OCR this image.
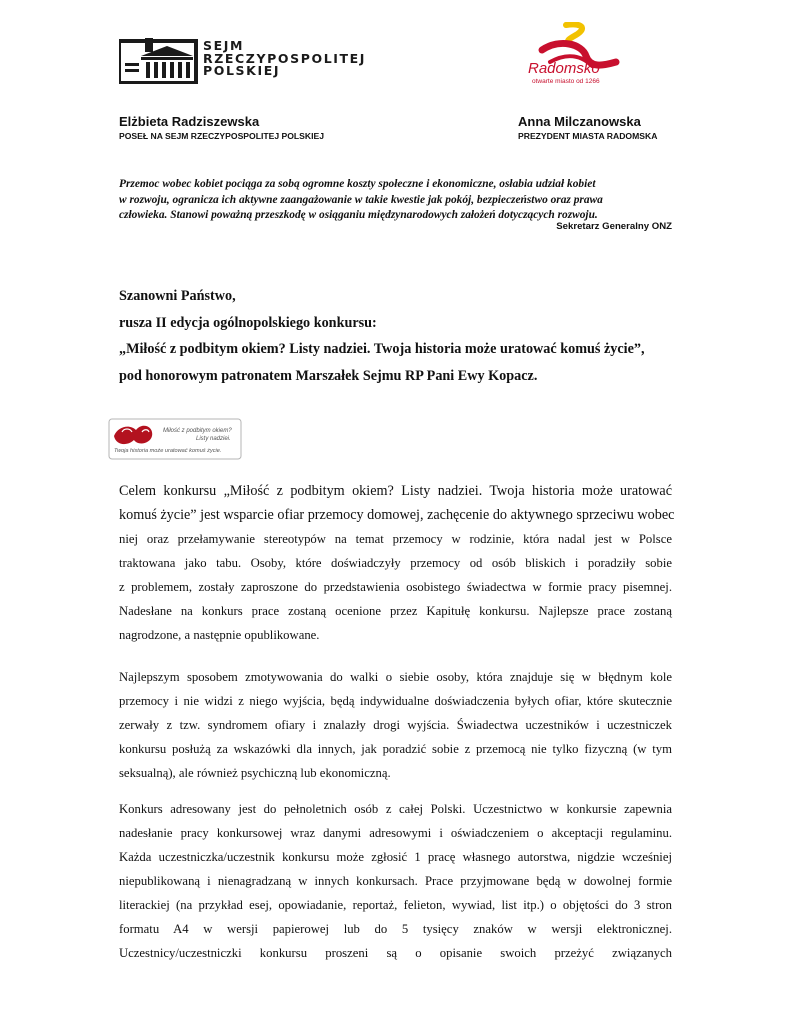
SEJM
RZECZYPOSPOLITEJ
POLSKIEJ	Radomsko
otwarte miasto od 1266
Elżbieta Radziszewska
POSEŁ NA SEJM RZECZYPOSPOLITEJ POLSKIEJ
Anna Milczanowska
PREZYDENT MIASTA RADOMSKA
Przemoc wobec kobiet pociąga za sobą ogromne koszty społeczne i ekonomiczne, osłabia udział kobiet
w rozwoju, ogranicza ich aktywne zaangażowanie w takie kwestie jak pokój, bezpieczeństwo oraz prawa
człowieka. Stanowi poważną przeszkodę w osiąganiu międzynarodowych założeń dotyczących rozwoju.
Sekretarz Generalny ONZ
Szanowni Państwo,
rusza II edycja ogólnopolskiego konkursu:
„Miłość z podbitym okiem? Listy nadziei. Twoja historia może uratować komuś życie”,
pod honorowym patronatem Marszałek Sejmu RP Pani Ewy Kopacz.
Miłość z podbitym okiem?
Listy nadziei.
Twoja historia może uratować komuś życie.
Celem konkursu „Miłość z podbitym okiem? Listy nadziei. Twoja historia może uratować
komuś życie” jest wsparcie ofiar przemocy domowej, zachęcenie do aktywnego sprzeciwu wobec
niej oraz przełamywanie stereotypów na temat przemocy w rodzinie, która nadal jest w Polsce
traktowana jako tabu. Osoby, które doświadczyły przemocy od osób bliskich i poradziły sobie
z problemem, zostały zaproszone do przedstawienia osobistego świadectwa w formie pracy pisemnej.
Nadesłane na konkurs prace zostaną ocenione przez Kapitułę konkursu. Najlepsze prace zostaną
nagrodzone, a następnie opublikowane.
Najlepszym sposobem zmotywowania do walki o siebie osoby, która znajduje się w błędnym kole
przemocy i nie widzi z niego wyjścia, będą indywidualne doświadczenia byłych ofiar, które skutecznie
zerwały z tzw. syndromem ofiary i znalazły drogi wyjścia. Świadectwa uczestników i uczestniczek
konkursu posłużą za wskazówki dla innych, jak poradzić sobie z przemocą nie tylko fizyczną (w tym
seksualną), ale również psychiczną lub ekonomiczną.
Konkurs adresowany jest do pełnoletnich osób z całej Polski. Uczestnictwo w konkursie zapewnia
nadesłanie pracy konkursowej wraz danymi adresowymi i oświadczeniem o akceptacji regulaminu.
Każda uczestniczka/uczestnik konkursu może zgłosić 1 pracę własnego autorstwa, nigdzie wcześniej
niepublikowaną i nienagradzaną w innych konkursach. Prace przyjmowane będą w dowolnej formie
literackiej (na przykład esej, opowiadanie, reportaż, felieton, wywiad, list itp.) o objętości do 3 stron
formatu A4 w wersji papierowej lub do 5 tysięcy znaków w wersji elektronicznej.
Uczestnicy/uczestniczki konkursu proszeni są o opisanie swoich przeżyć związanych
